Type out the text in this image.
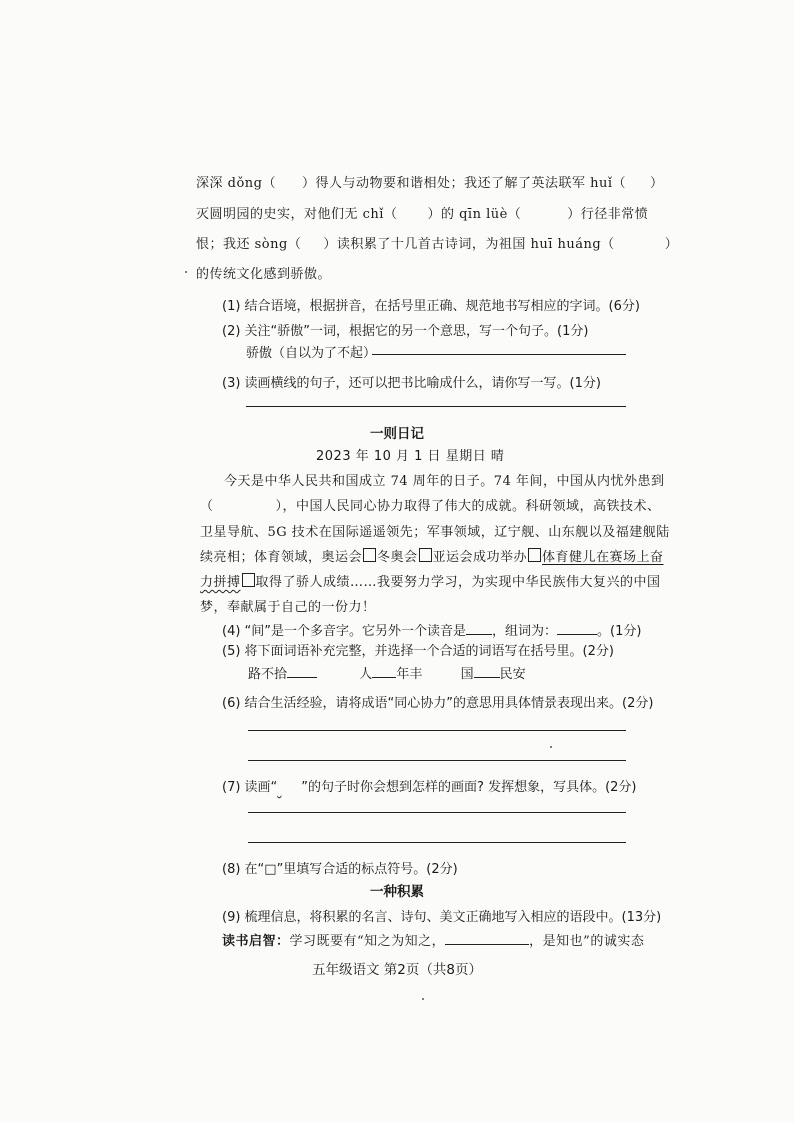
深深 dǒng（ ）得人与动物要和谐相处；我还了解了英法联军 huǐ（ ）
灭圆明园的史实，对他们无 chǐ（ ）的 qīn lüè（	）行径非常愤
恨；我还 sòng（ ）读积累了十几首古诗词，为祖国 huī huáng（	）
的传统文化感到骄傲。
(1) 结合语境，根据拼音，在括号里正确、规范地书写相应的字词。(6分)
(2) 关注“骄傲”一词，根据它的另一个意思，写一个句子。(1分)
骄傲（自以为了不起）
(3) 读画横线的句子，还可以把书比喻成什么，请你写一写。(1分)
一则日记
2023 年 10 月 1 日 星期日 晴
今天是中华人民共和国成立 74 周年的日子。74 年间，中国从内忧外患到
（	），中国人民同心协力取得了伟大的成就。科研领域，高铁技术、
卫星导航、5G 技术在国际遥遥领先；军事领域，辽宁舰、山东舰以及福建舰陆
续亮相；体育领域，奥运会 冬奥会 亚运会成功举办 体育健儿在赛场上奋
力拼搏 取得了骄人成绩……我要努力学习，为实现中华民族伟大复兴的中国
梦，奉献属于自己的一份力！
(4) “间”是一个多音字。它另外一个读音是 ，组词为：	。(1分)
(5) 将下面词语补充完整，并选择一个合适的词语写在括号里。(2分)
路不拾	人 年丰	国 民安
(6) 结合生活经验，请将成语“同心协力”的意思用具体情景表现出来。(2分)
(7) 读画“ ”的句子时你会想到怎样的画面? 发挥想象，写具体。(2分)
(8) 在“□”里填写合适的标点符号。(2分)
一种积累
(9) 梳理信息，将积累的名言、诗句、美文正确地写入相应的语段中。(13分)
读书启智：学习既要有“知之为知之，	，是知也”的诚实态
五年级语文 第2页（共8页）
